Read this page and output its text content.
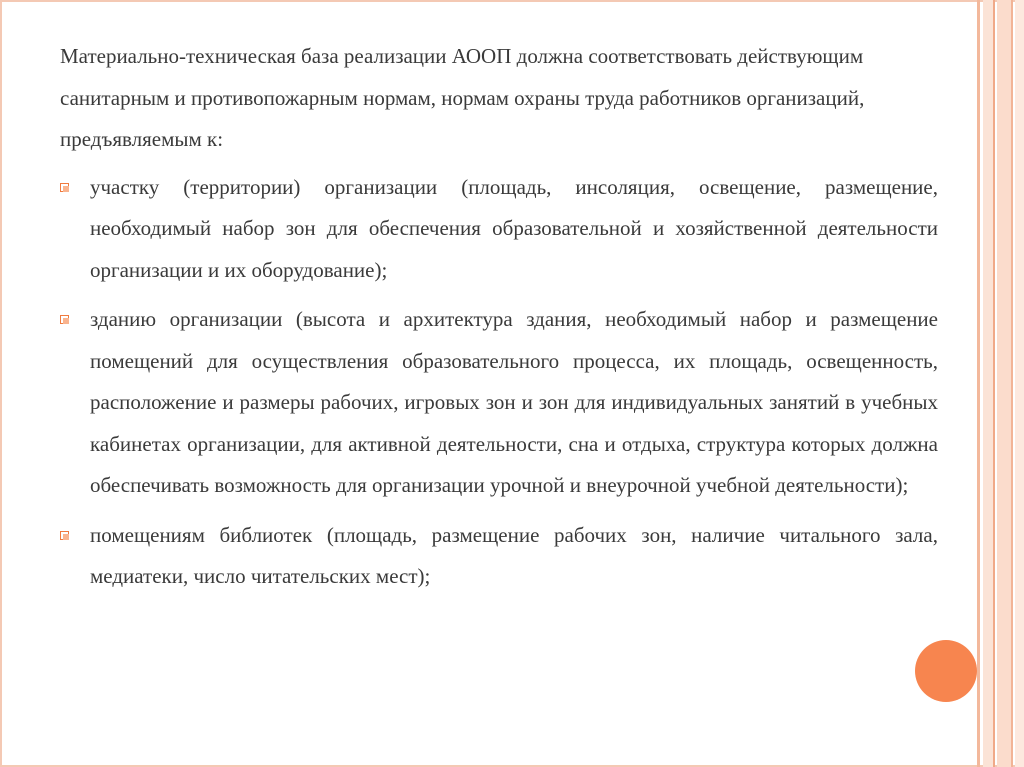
Материально-техническая база реализации АООП должна соответствовать действующим санитарным и противопожарным нормам, нормам охраны труда работников организаций, предъявляемым к:

участку (территории) организации (площадь, инсоляция, освещение, размещение, необходимый набор зон для обеспечения образовательной и хозяйственной деятельности организации и их оборудование);
зданию организации (высота и архитектура здания, необходимый набор и размещение помещений для осуществления образовательного процесса, их площадь, освещенность, расположение и размеры рабочих, игровых зон и зон для индивидуальных занятий в учебных кабинетах организации, для активной деятельности, сна и отдыха, структура которых должна обеспечивать возможность для организации урочной и внеурочной учебной деятельности);
помещениям библиотек (площадь, размещение рабочих зон, наличие читального зала, медиатеки, число читательских мест);
